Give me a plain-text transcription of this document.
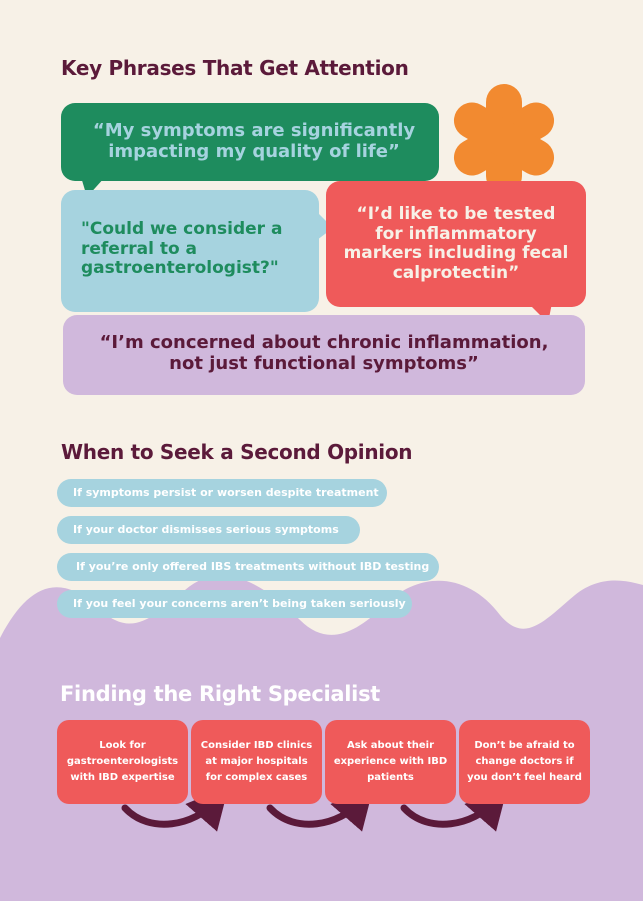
Key Phrases That Get Attention
“My symptoms are significantly impacting my quality of life”
"Could we consider a referral to a gastroenterologist?"
“I’d like to be tested for inflammatory markers including fecal calprotectin”
“I’m concerned about chronic inflammation, not just functional symptoms”
When to Seek a Second Opinion
If symptoms persist or worsen despite treatment
If your doctor dismisses serious symptoms
If you’re only offered IBS treatments without IBD testing
If you feel your concerns aren’t being taken seriously
Finding the Right Specialist
Look for gastroenterologists with IBD expertise
Consider IBD clinics at major hospitals for complex cases
Ask about their experience with IBD patients
Don’t be afraid to change doctors if you don’t feel heard
